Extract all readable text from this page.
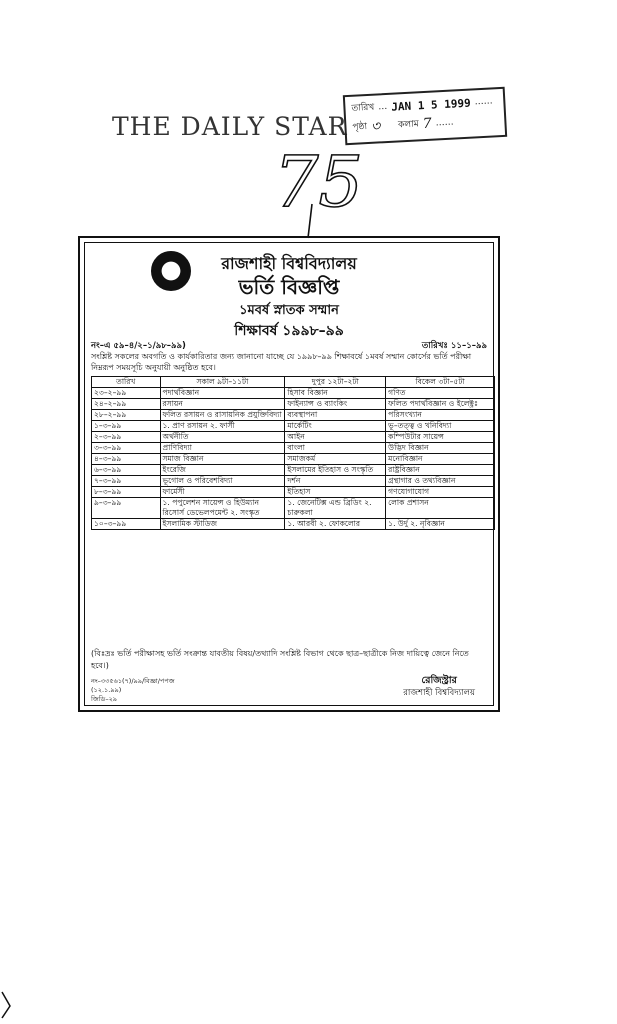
THE DAILY STAR
তারিখ … JAN 1 5 1999 ……
পৃষ্ঠা ৩ কলাম 7 ……
75
রাজশাহী বিশ্ববিদ্যালয়
ভর্তি বিজ্ঞপ্তি
১মবর্ষ স্নাতক সম্মান
শিক্ষাবর্ষ ১৯৯৮–৯৯
নং–এ ৫৯–৪/২–১/৯৮–৯৯)	তারিখঃ ১১–১–৯৯
সংশ্লিষ্ট সকলের অবগতি ও কার্যকারিতার জন্য জানানো যাচ্ছে যে ১৯৯৮–৯৯ শিক্ষাবর্ষে ১মবর্ষ সম্মান কোর্সের ভর্তি পরীক্ষা নিম্নরূপ সময়সূচি অনুযায়ী অনুষ্ঠিত হবে।
তারিখ	সকাল ৯টা–১১টা	দুপুর ১২টা–২টা	বিকেল ৩টা–৫টা
২৩–২–৯৯	পদার্থবিজ্ঞান	হিসাব বিজ্ঞান	গণিত
২৪–২–৯৯	রসায়ন	ফাইন্যান্স ও ব্যাংকিং	ফলিত পদার্থবিজ্ঞান ও ইলেক্ট্রঃ
২৮–২–৯৯	ফলিত রসায়ন ও রাসায়নিক প্রযুক্তিবিদ্যা	ব্যবস্থাপনা	পরিসংখ্যান
১–৩–৯৯	১. প্রাণ রসায়ন ২. ফার্সী	মার্কেটিং	ভূ–তত্ত্ব ও খনিবিদ্যা
২–৩–৯৯	অর্থনীতি	আইন	কম্পিউটার সায়েন্স
৩–৩–৯৯	প্রাণিবিদ্যা	বাংলা	উদ্ভিদ বিজ্ঞান
৪–৩–৯৯	সমাজ বিজ্ঞান	সমাজকর্ম	মনোবিজ্ঞান
৬–৩–৯৯	ইংরেজি	ইসলামের ইতিহাস ও সংস্কৃতি	রাষ্ট্রবিজ্ঞান
৭–৩–৯৯	ভূগোল ও পরিবেশবিদ্যা	দর্শন	গ্রন্থাগার ও তথ্যবিজ্ঞান
৮–৩–৯৯	ফার্মেসী	ইতিহাস	গণযোগাযোগ
৯–৩–৯৯	১. পপুলেশন সায়েন্স ও হিউম্যান রিসোর্স ডেভেলপমেন্ট ২. সংস্কৃত	১. জেনেটিক্স এন্ড ব্রিডিং ২. চারুকলা	লোক প্রশাসন
১০–৩–৯৯	ইসলামিক স্টাডিজ	১. আরবী ২. ফোকলোর	১. উর্দু ২. নৃবিজ্ঞান
(বিঃদ্রঃ ভর্তি পরীক্ষাসহ ভর্তি সংক্রান্ত যাবতীয় বিষয়/তথ্যাদি সংশ্লিষ্ট বিভাগ থেকে ছাত্র–ছাত্রীকে নিজ দায়িত্বে জেনে নিতে হবে।)
নং–৩৩৫৬১(৭)/৯৯/বিজ্ঞা/পপজ
(১২.১.৯৯)
জিডি–২৯
রেজিস্ট্রার
রাজশাহী বিশ্ববিদ্যালয়
